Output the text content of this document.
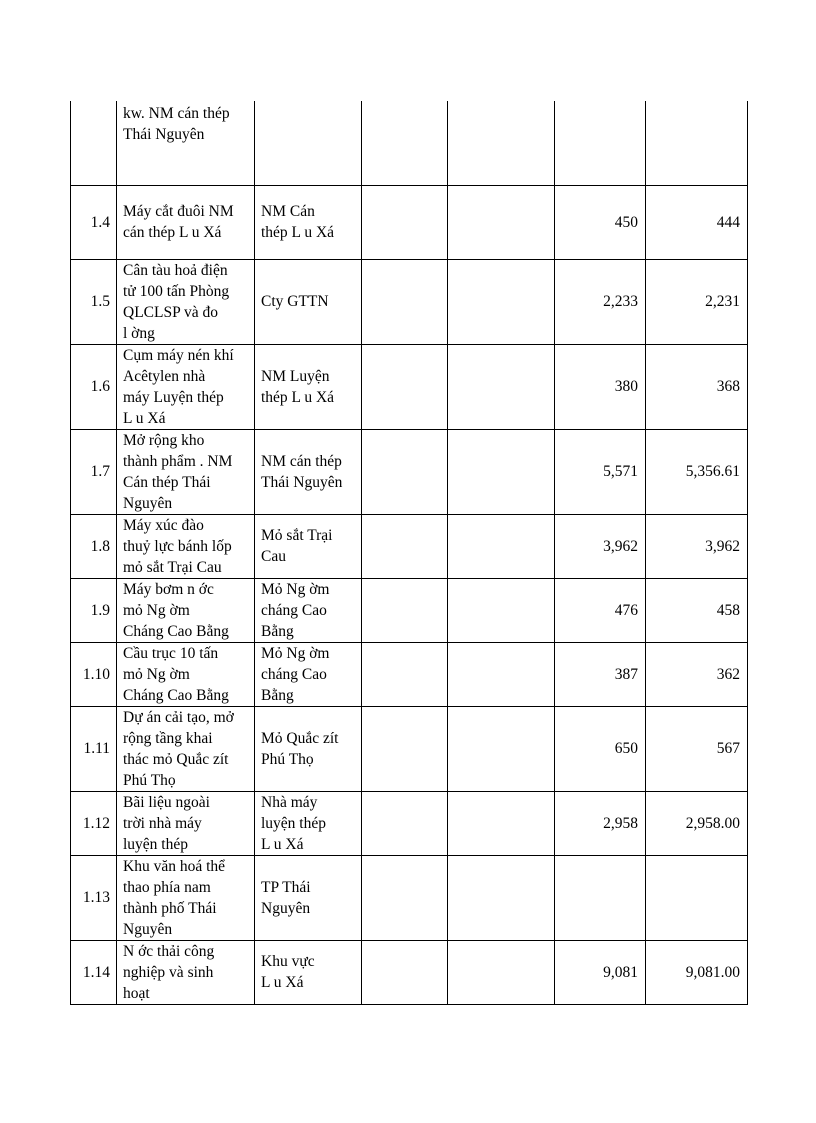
	kw. NM cán thép
Thái Nguyên					
1.4	Máy cắt đuôi NM
cán thép L u Xá	NM Cán
thép L u Xá			450	444
1.5	Cân tàu hoả điện
tử 100 tấn Phòng
QLCLSP và đo
l ờng	Cty GTTN			2,233	2,231
1.6	Cụm máy nén khí
Acêtylen nhà
máy Luyện thép
L u Xá	NM Luyện
thép L u Xá			380	368
1.7	Mở rộng kho
thành phẩm . NM
Cán thép Thái
Nguyên	NM cán thép
Thái Nguyên			5,571	5,356.61
1.8	Máy xúc đào
thuỷ lực bánh lốp
mỏ sắt Trại Cau	Mỏ sắt Trại
Cau			3,962	3,962
1.9	Máy bơm n ớc
mỏ Ng ờm
Cháng Cao Bằng	Mỏ Ng ờm
cháng Cao
Bằng			476	458
1.10	Cầu trục 10 tấn
mỏ Ng ờm
Cháng Cao Bằng	Mỏ Ng ờm
cháng Cao
Bằng			387	362
1.11	Dự án cải tạo, mở
rộng tầng khai
thác mỏ Quắc zít
Phú Thọ	Mỏ Quắc zít
Phú Thọ			650	567
1.12	Bãi liệu ngoài
trời nhà máy
luyện thép	Nhà máy
luyện thép
L u Xá			2,958	2,958.00
1.13	Khu văn hoá thể
thao phía nam
thành phố Thái
Nguyên	TP Thái
Nguyên				
1.14	N ớc thải công
nghiệp và sinh
hoạt	Khu vực
L u Xá			9,081	9,081.00
